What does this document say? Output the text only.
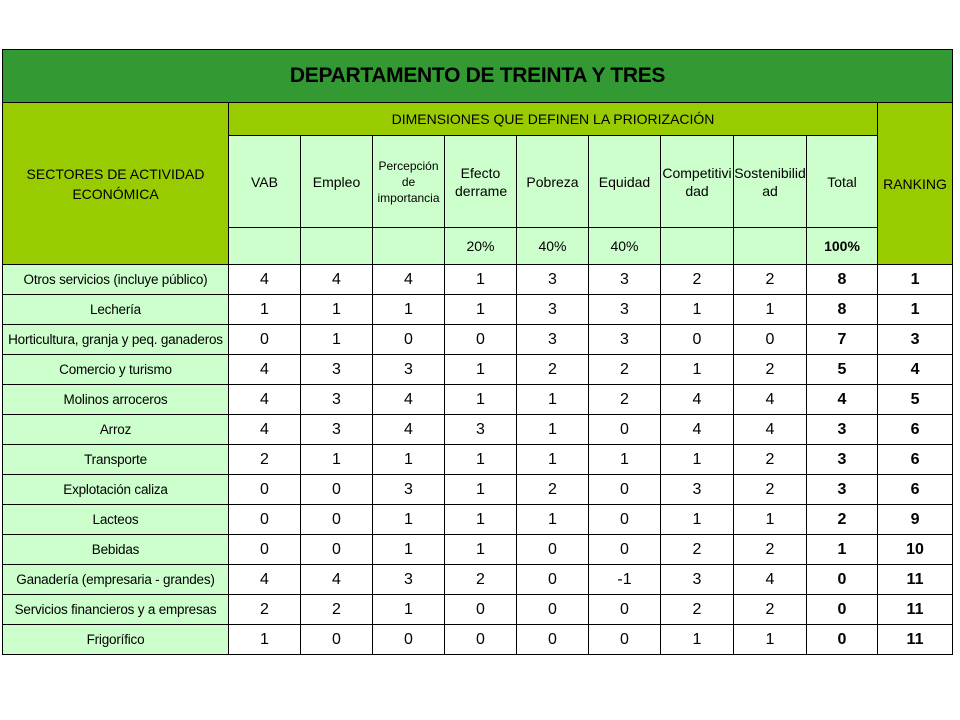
DEPARTAMENTO DE TREINTA Y TRES										
SECTORES DE ACTIVIDAD ECONÓMICA	DIMENSIONES QUE DEFINEN LA PRIORIZACIÓN									RANKING
	VAB	Empleo	Percepción de importancia	Efecto derrame	Pobreza	Equidad	Competitividad	Sostenibilidad	Total	
				20%	40%	40%			100%	
Otros servicios (incluye público)	4	4	4	1	3	3	2	2	8	1
Lechería	1	1	1	1	3	3	1	1	8	1
Horticultura, granja y peq. ganaderos	0	1	0	0	3	3	0	0	7	3
Comercio y turismo	4	3	3	1	2	2	1	2	5	4
Molinos arroceros	4	3	4	1	1	2	4	4	4	5
Arroz	4	3	4	3	1	0	4	4	3	6
Transporte	2	1	1	1	1	1	1	2	3	6
Explotación caliza	0	0	3	1	2	0	3	2	3	6
Lacteos	0	0	1	1	1	0	1	1	2	9
Bebidas	0	0	1	1	0	0	2	2	1	10
Ganadería (empresaria - grandes)	4	4	3	2	0	-1	3	4	0	11
Servicios financieros y a empresas	2	2	1	0	0	0	2	2	0	11
Frigorífico	1	0	0	0	0	0	1	1	0	11
